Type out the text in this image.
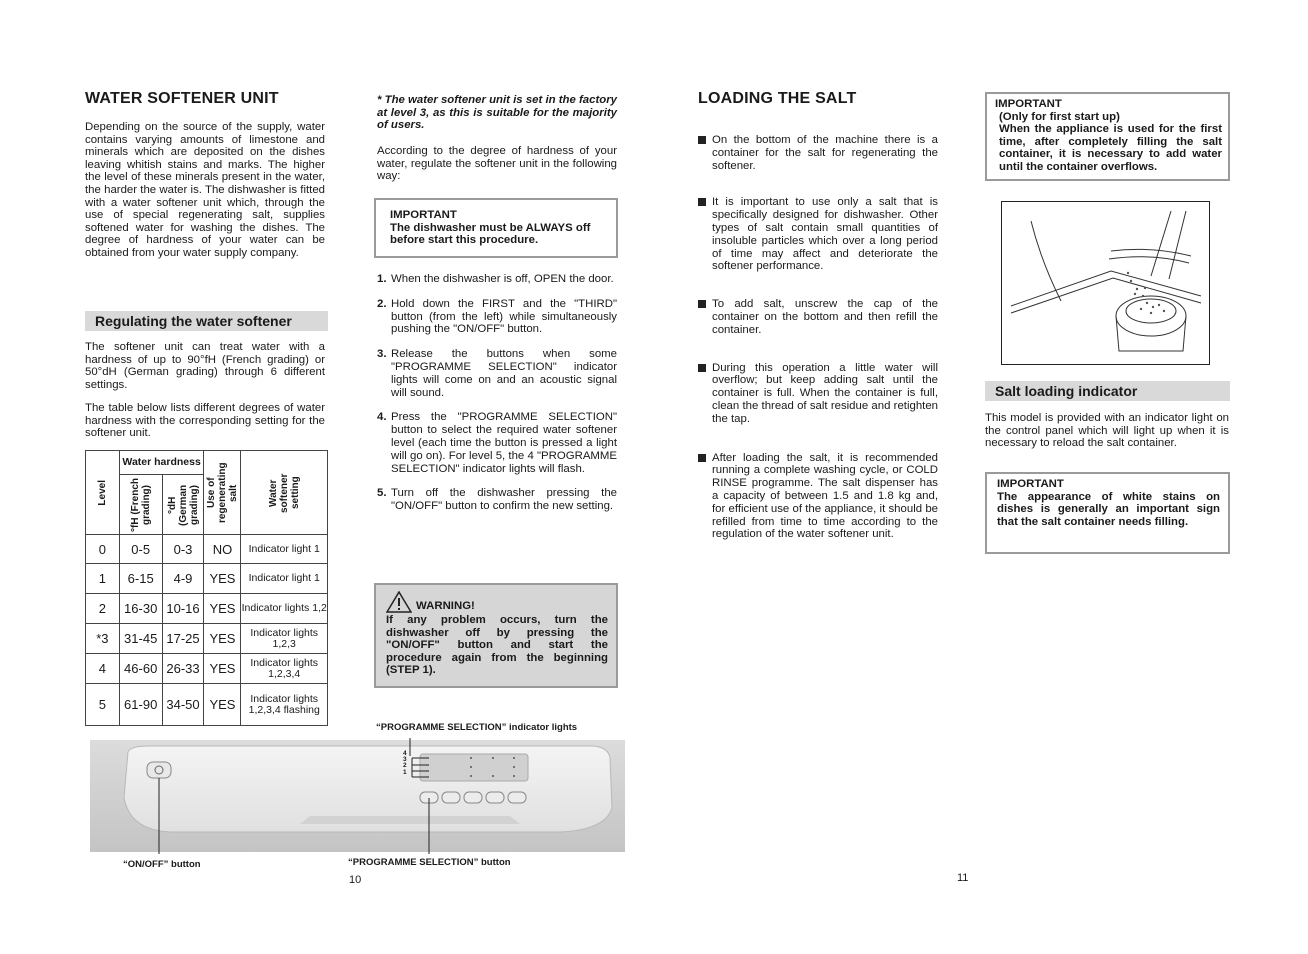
WATER SOFTENER UNIT

Depending on the source of the supply, water contains varying amounts of limestone and minerals which are deposited on the dishes leaving whitish stains and marks. The higher the level of these minerals present in the water, the harder the water is. The dishwasher is fitted with a water softener unit which, through the use of special regenerating salt, supplies softened water for washing the dishes. The degree of hardness of your water can be obtained from your water supply company.

Regulating the water softener

The softener unit can treat water with a hardness of up to 90°fH (French grading) or 50°dH (German grading) through 6 different settings.

The table below lists different degrees of water hardness with the corresponding setting for the softener unit.

Level	Water hardness		Use of regenerating salt	Water softener setting

	°fH (French grading)	°dH (German grading)		

0	0-5	0-3	NO	Indicator light 1
1	6-15	4-9	YES	Indicator light 1
2	16-30	10-16	YES	Indicator lights 1,2
*3	31-45	17-25	YES	Indicator lights 1,2,3
4	46-60	26-33	YES	Indicator lights 1,2,3,4
5	61-90	34-50	YES	Indicator lights 1,2,3,4 flashing

* The water softener unit is set in the factory at level 3, as this is suitable for the majority of users.

According to the degree of hardness of your water, regulate the softener unit in the following way:

IMPORTANT
The dishwasher must be ALWAYS off before start this procedure.
1. When the dishwasher is off, OPEN the door.
2. Hold down the FIRST and the "THIRD" button (from the left) while simultaneously pushing the "ON/OFF" button.
3. Release the buttons when some "PROGRAMME SELECTION" indicator lights will come on and an acoustic signal will sound.
4. Press the "PROGRAMME SELECTION" button to select the required water softener level (each time the button is pressed a light will go on). For level 5, the 4 "PROGRAMME SELECTION" indicator lights will flash.
5. Turn off the dishwasher pressing the "ON/OFF" button to confirm the new setting.
WARNING!
If any problem occurs, turn the dishwasher off by pressing the "ON/OFF" button and start the procedure again from the beginning (STEP 1).
“PROGRAMME SELECTION” indicator lights
4
3
2
1
“ON/OFF” button	“PROGRAMME SELECTION” button
10
LOADING THE SALT
On the bottom of the machine there is a container for the salt for regenerating the softener.
It is important to use only a salt that is specifically designed for dishwasher. Other types of salt contain small quantities of insoluble particles which over a long period of time may affect and deteriorate the softener performance.
To add salt, unscrew the cap of the container on the bottom and then refill the container.
During this operation a little water will overflow; but keep adding salt until the container is full. When the container is full, clean the thread of salt residue and retighten the tap.
After loading the salt, it is recommended running a complete washing cycle, or COLD RINSE programme. The salt dispenser has a capacity of between 1.5 and 1.8 kg and, for efficient use of the appliance, it should be refilled from time to time according to the regulation of the water softener unit.
IMPORTANT
(Only for first start up)
When the appliance is used for the first time, after completely filling the salt container, it is necessary to add water until the container overflows.
Salt loading indicator

This model is provided with an indicator light on the control panel which will light up when it is necessary to reload the salt container.

IMPORTANT
The appearance of white stains on dishes is generally an important sign that the salt container needs filling.
11
